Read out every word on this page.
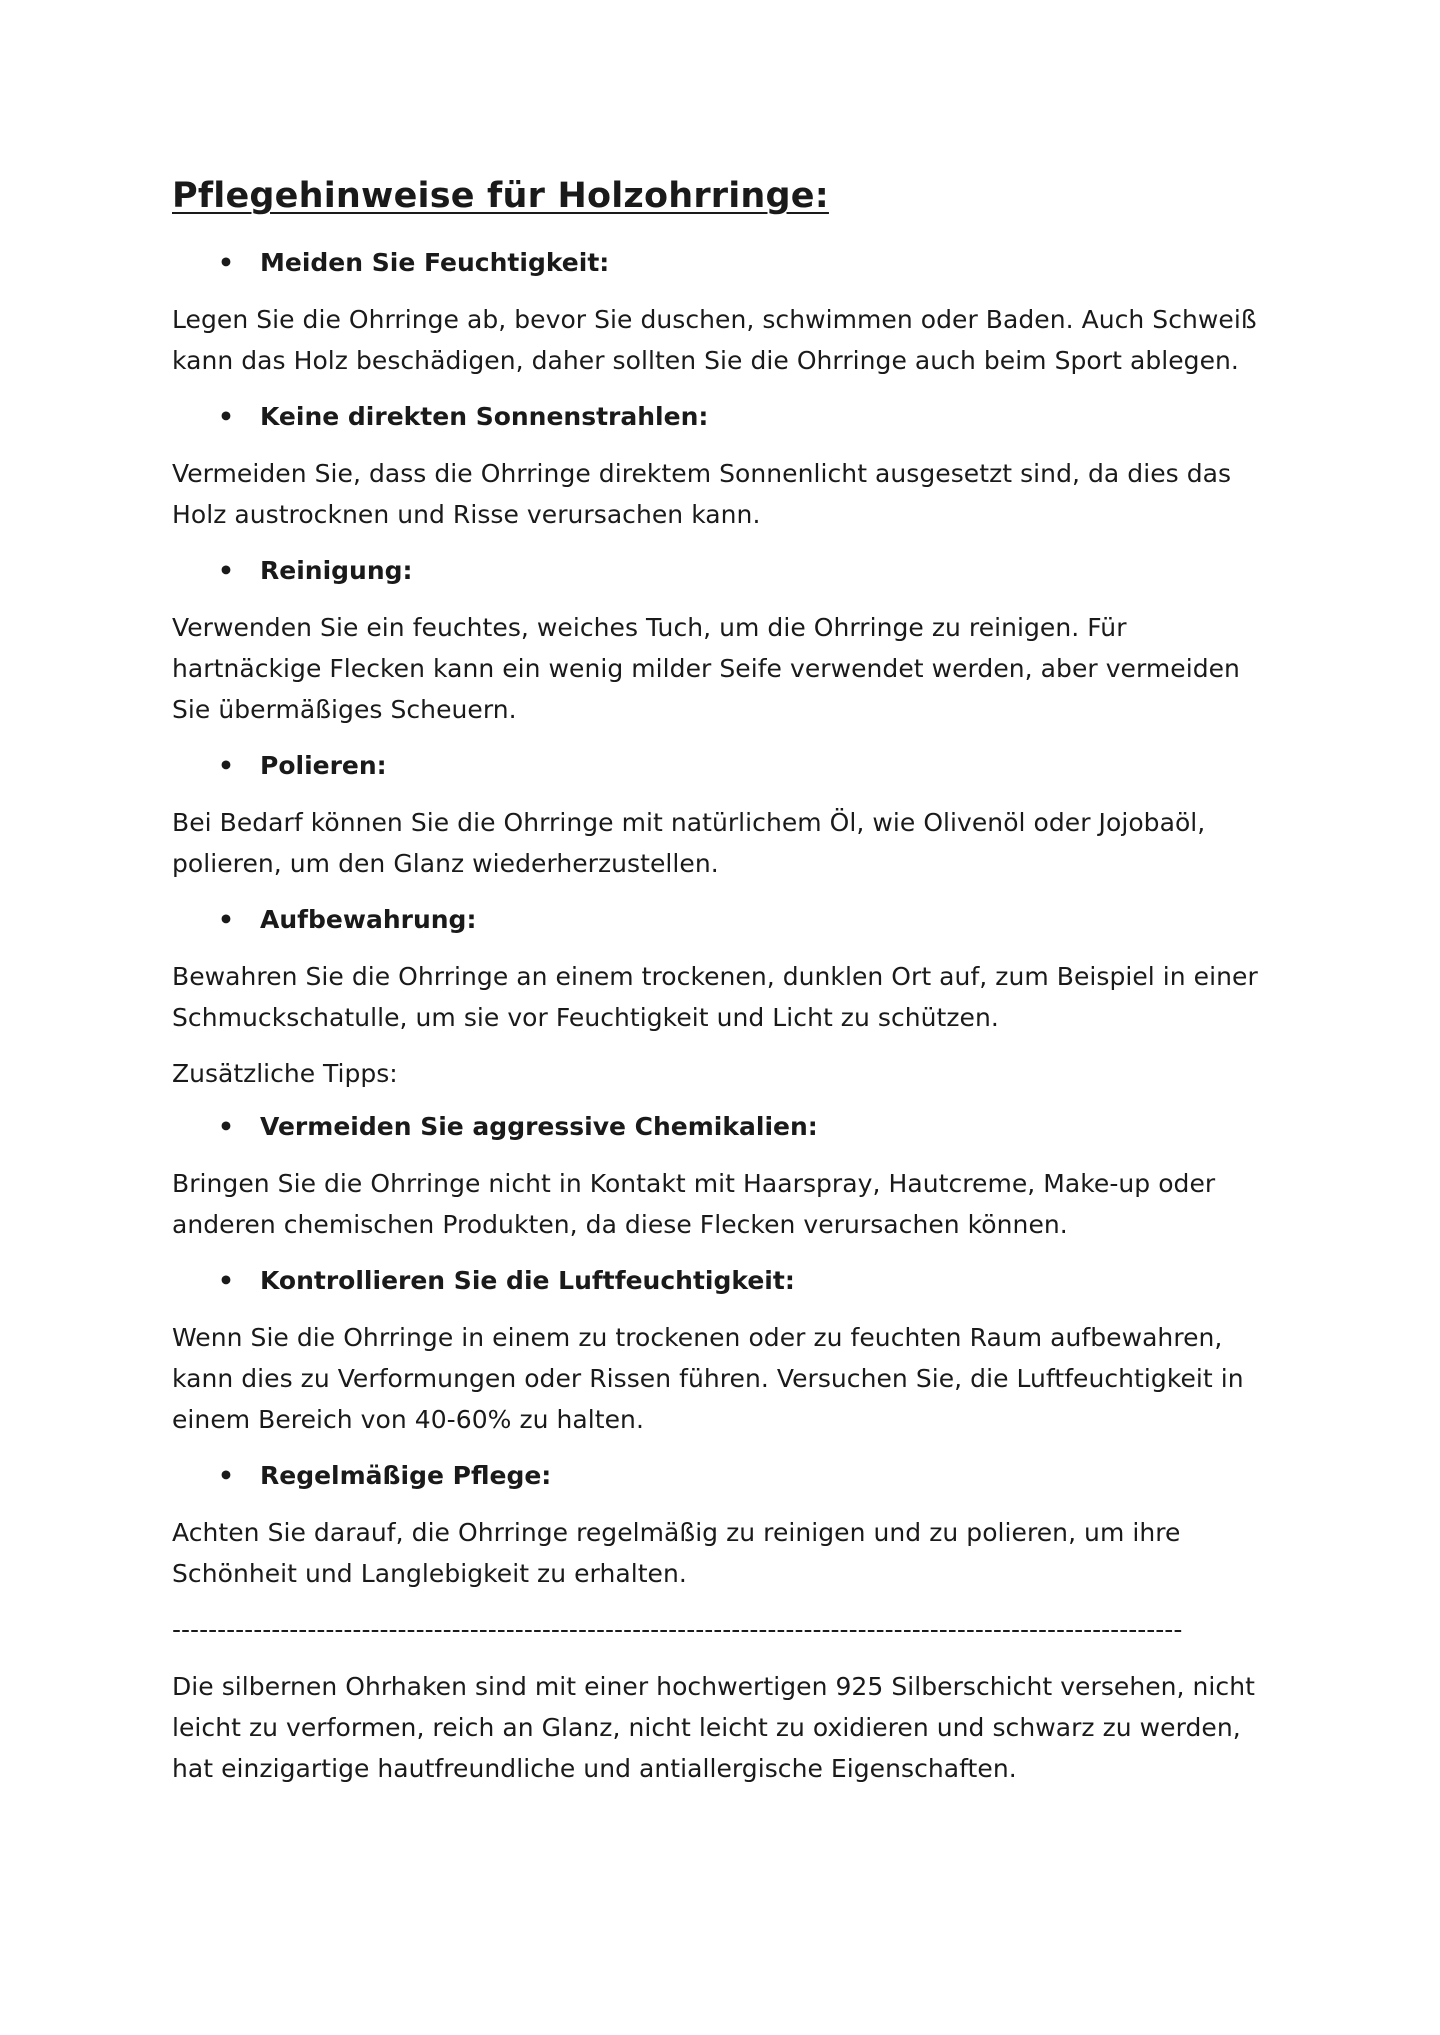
Pflegehinweise für Holzohrringe:
•	Meiden Sie Feuchtigkeit:

Legen Sie die Ohrringe ab, bevor Sie duschen, schwimmen oder Baden. Auch Schweiß kann das Holz beschädigen, daher sollten Sie die Ohrringe auch beim Sport ablegen.

•	Keine direkten Sonnenstrahlen:

Vermeiden Sie, dass die Ohrringe direktem Sonnenlicht ausgesetzt sind, da dies das Holz austrocknen und Risse verursachen kann.

•	Reinigung:

Verwenden Sie ein feuchtes, weiches Tuch, um die Ohrringe zu reinigen. Für hartnäckige Flecken kann ein wenig milder Seife verwendet werden, aber vermeiden Sie übermäßiges Scheuern.

•	Polieren:

Bei Bedarf können Sie die Ohrringe mit natürlichem Öl, wie Olivenöl oder Jojobaöl, polieren, um den Glanz wiederherzustellen.

•	Aufbewahrung:

Bewahren Sie die Ohrringe an einem trockenen, dunklen Ort auf, zum Beispiel in einer Schmuckschatulle, um sie vor Feuchtigkeit und Licht zu schützen.

Zusätzliche Tipps:

•	Vermeiden Sie aggressive Chemikalien:

Bringen Sie die Ohrringe nicht in Kontakt mit Haarspray, Hautcreme, Make-up oder anderen chemischen Produkten, da diese Flecken verursachen können.

•	Kontrollieren Sie die Luftfeuchtigkeit:

Wenn Sie die Ohrringe in einem zu trockenen oder zu feuchten Raum aufbewahren, kann dies zu Verformungen oder Rissen führen. Versuchen Sie, die Luftfeuchtigkeit in einem Bereich von 40-60% zu halten.

•	Regelmäßige Pflege:

Achten Sie darauf, die Ohrringe regelmäßig zu reinigen und zu polieren, um ihre Schönheit und Langlebigkeit zu erhalten.

----------------------------------------------------------------------------------------------------------------

Die silbernen Ohrhaken sind mit einer hochwertigen 925 Silberschicht versehen, nicht leicht zu verformen, reich an Glanz, nicht leicht zu oxidieren und schwarz zu werden, hat einzigartige hautfreundliche und antiallergische Eigenschaften.
